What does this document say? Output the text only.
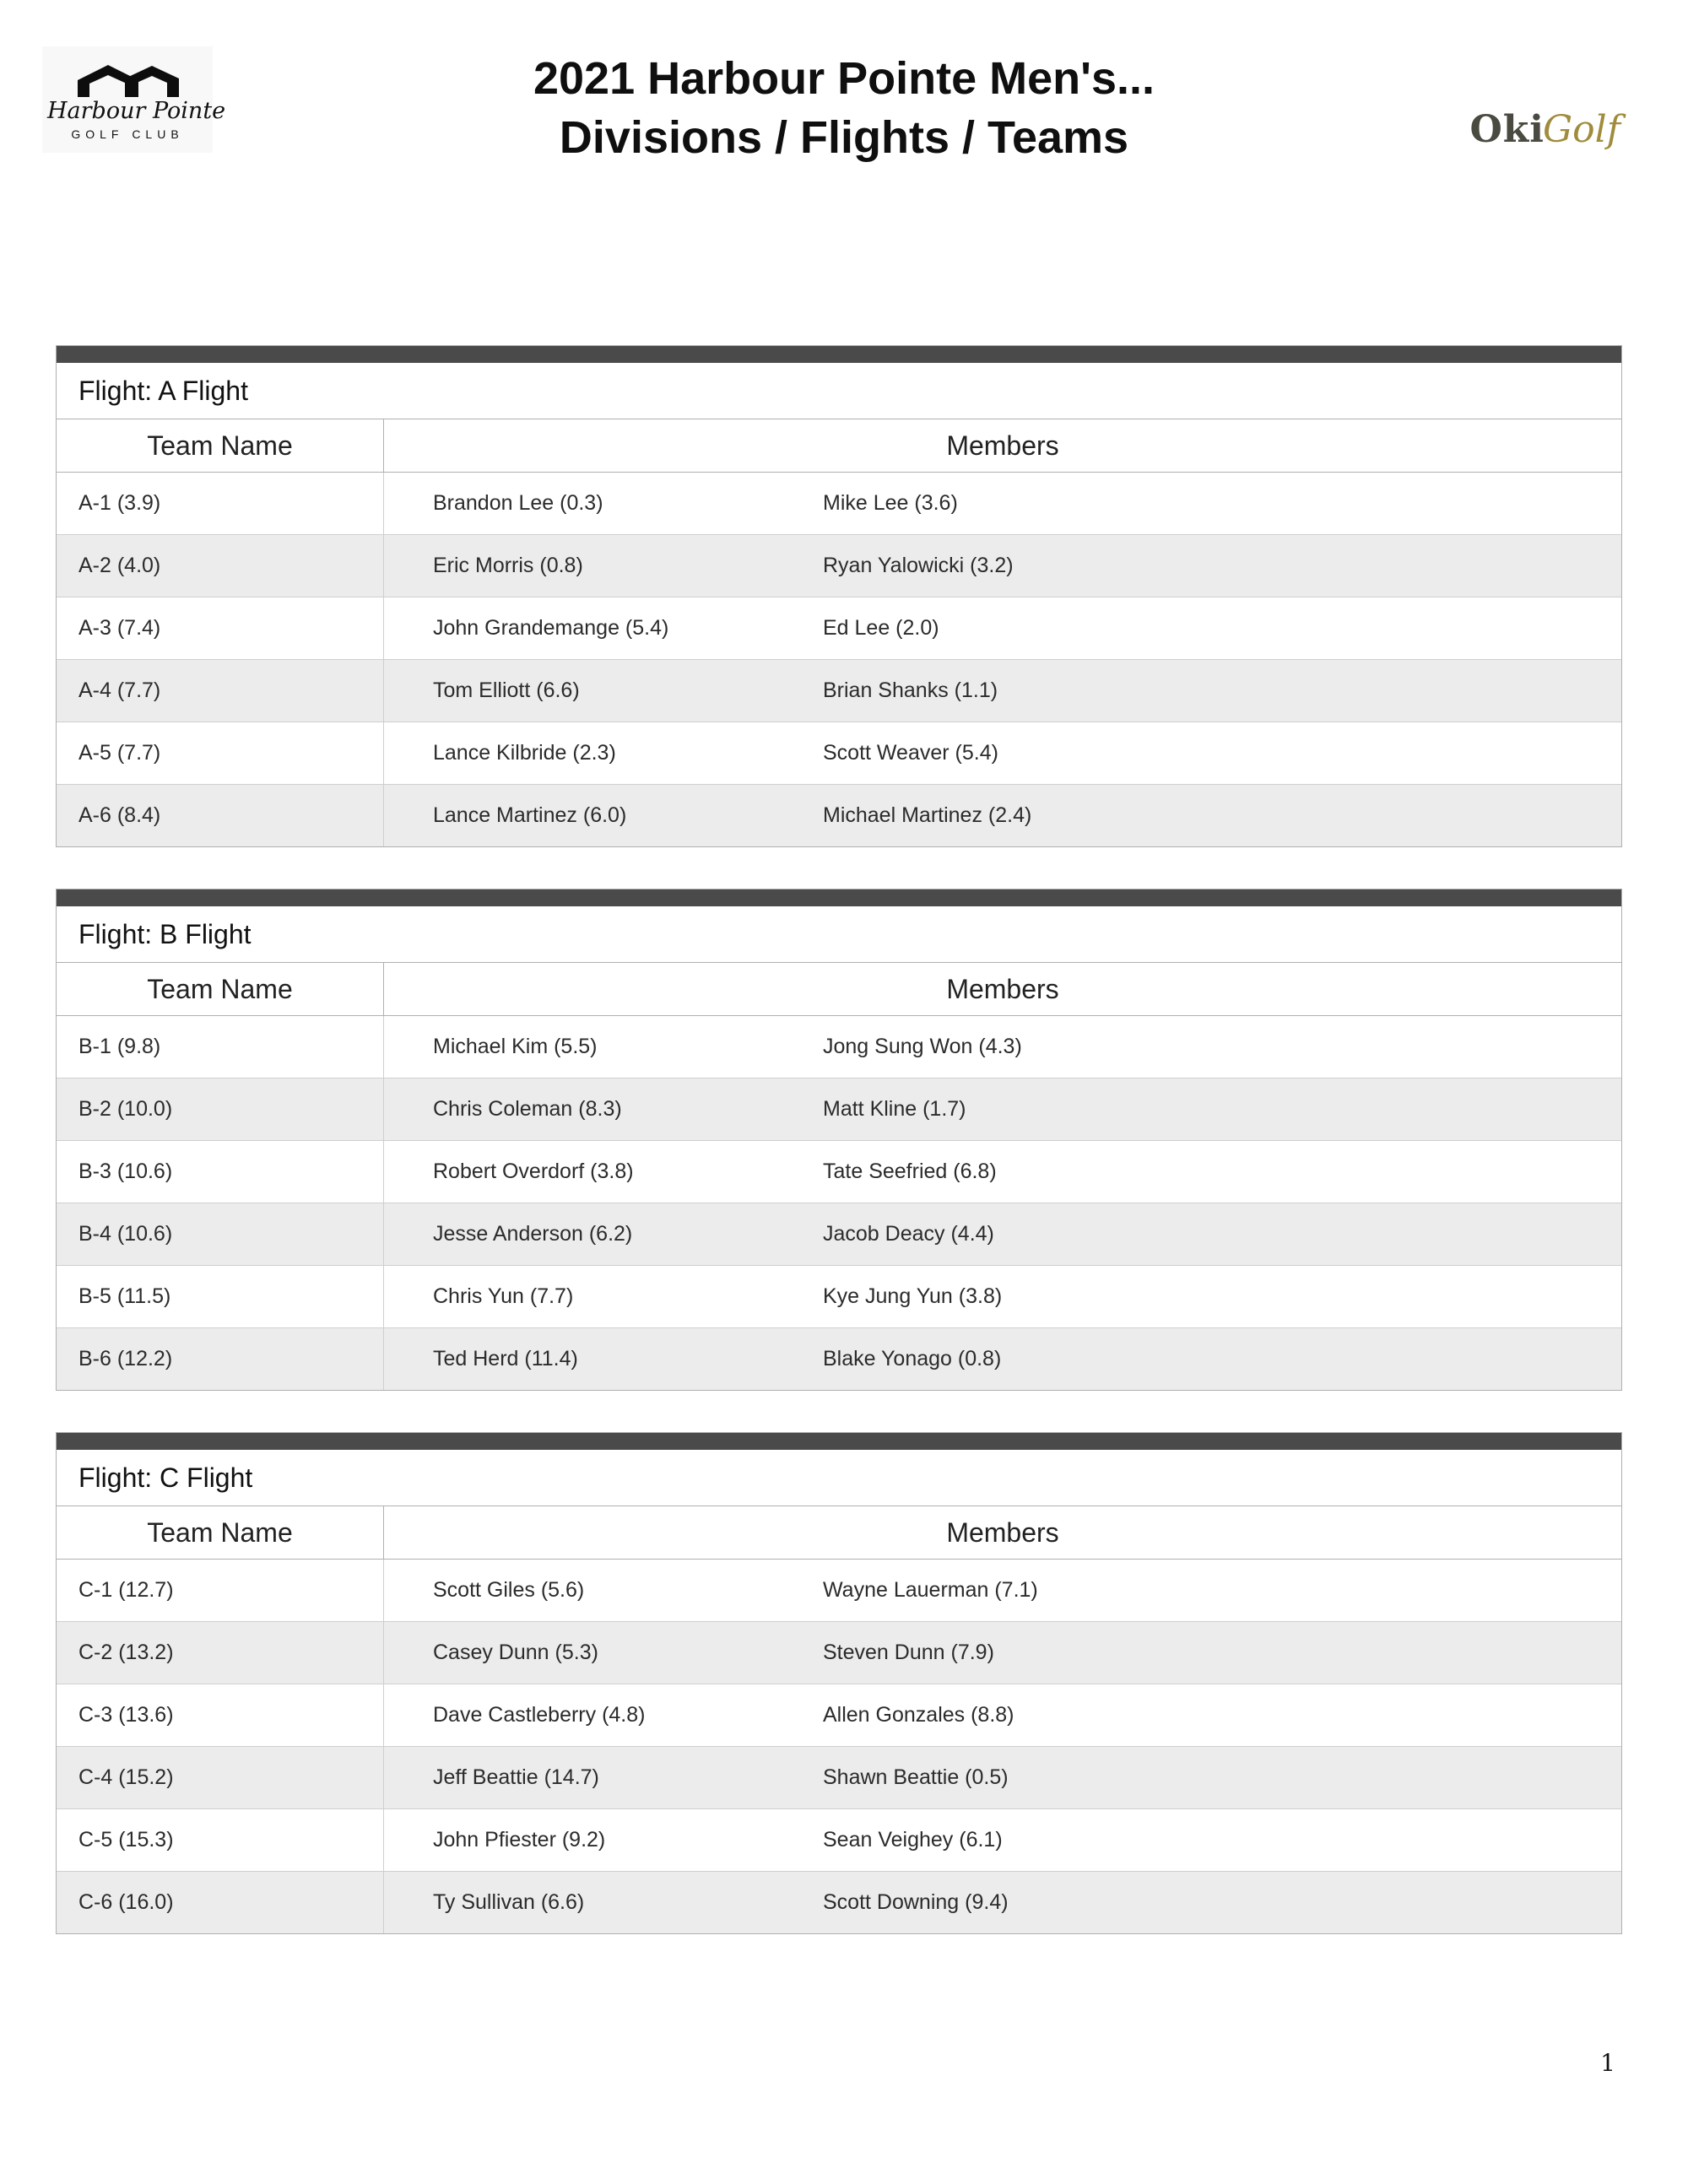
Harbour Pointe
GOLF CLUB
2021 Harbour Pointe Men's...
Divisions / Flights / Teams	OkiGolf
Flight: A Flight
Team Name	Members
A-1 (3.9)	Brandon Lee (0.3)	Mike Lee (3.6)
A-2 (4.0)	Eric Morris (0.8)	Ryan Yalowicki (3.2)
A-3 (7.4)	John Grandemange (5.4)	Ed Lee (2.0)
A-4 (7.7)	Tom Elliott (6.6)	Brian Shanks (1.1)
A-5 (7.7)	Lance Kilbride (2.3)	Scott Weaver (5.4)
A-6 (8.4)	Lance Martinez (6.0)	Michael Martinez (2.4)
Flight: B Flight
Team Name	Members
B-1 (9.8)	Michael Kim (5.5)	Jong Sung Won (4.3)
B-2 (10.0)	Chris Coleman (8.3)	Matt Kline (1.7)
B-3 (10.6)	Robert Overdorf (3.8)	Tate Seefried (6.8)
B-4 (10.6)	Jesse Anderson (6.2)	Jacob Deacy (4.4)
B-5 (11.5)	Chris Yun (7.7)	Kye Jung Yun (3.8)
B-6 (12.2)	Ted Herd (11.4)	Blake Yonago (0.8)
Flight: C Flight
Team Name	Members
C-1 (12.7)	Scott Giles (5.6)	Wayne Lauerman (7.1)
C-2 (13.2)	Casey Dunn (5.3)	Steven Dunn (7.9)
C-3 (13.6)	Dave Castleberry (4.8)	Allen Gonzales (8.8)
C-4 (15.2)	Jeff Beattie (14.7)	Shawn Beattie (0.5)
C-5 (15.3)	John Pfiester (9.2)	Sean Veighey (6.1)
C-6 (16.0)	Ty Sullivan (6.6)	Scott Downing (9.4)
1
